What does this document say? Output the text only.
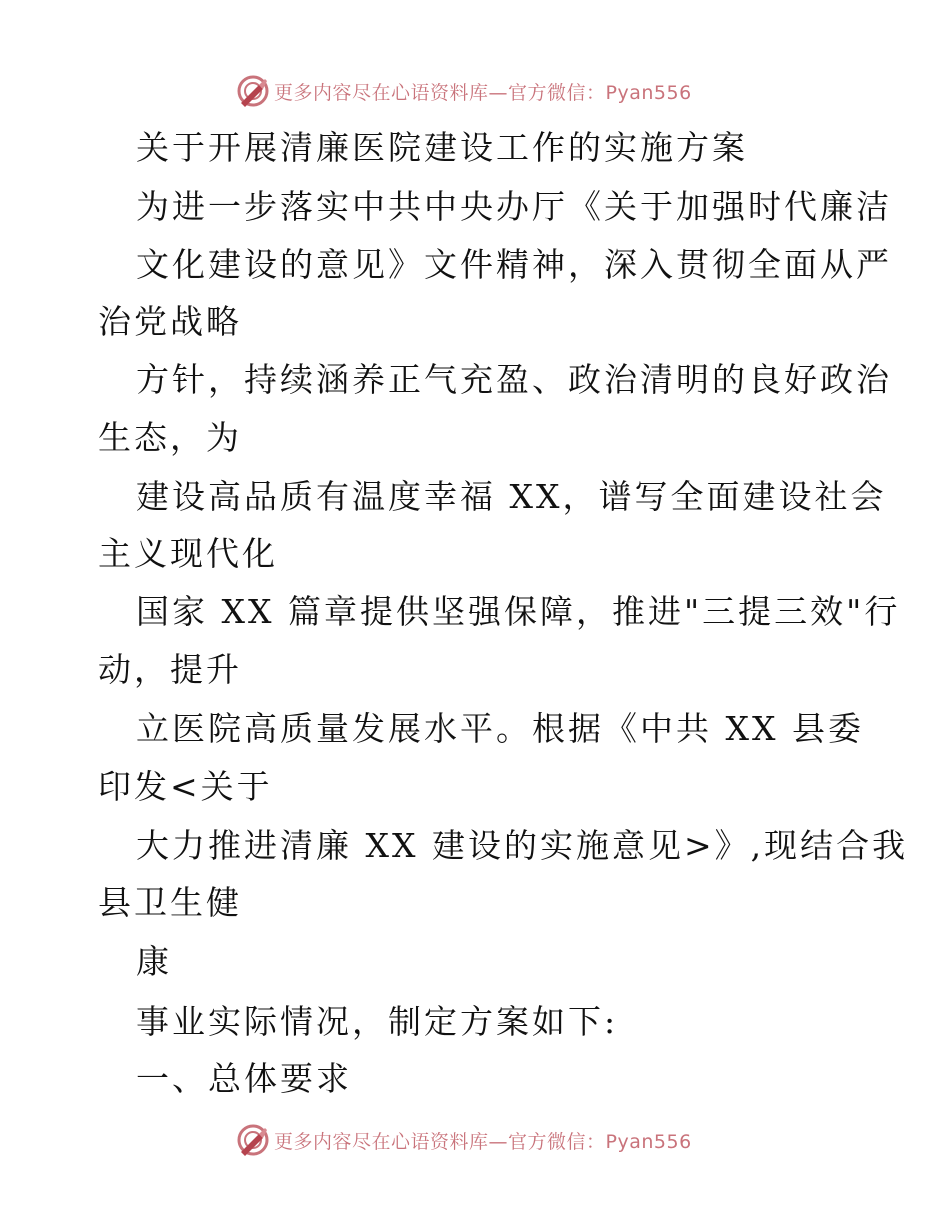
更多内容尽在心语资料库—官方微信：Pyan556
关于开展清廉医院建设工作的实施方案
为进一步落实中共中央办厅《关于加强时代廉洁
文化建设的意见》文件精神，深入贯彻全面从严
治党战略
方针，持续涵养正气充盈、政治清明的良好政治
生态，为
建设高品质有温度幸福 XX，谱写全面建设社会
主义现代化
国家 XX 篇章提供坚强保障，推进"三提三效"行
动，提升
立医院高质量发展水平。根据《中共 XX 县委
印发<关于
大力推进清廉 XX 建设的实施意见>》,现结合我
县卫生健
康
事业实际情况，制定方案如下:
一、总体要求
更多内容尽在心语资料库—官方微信：Pyan556
